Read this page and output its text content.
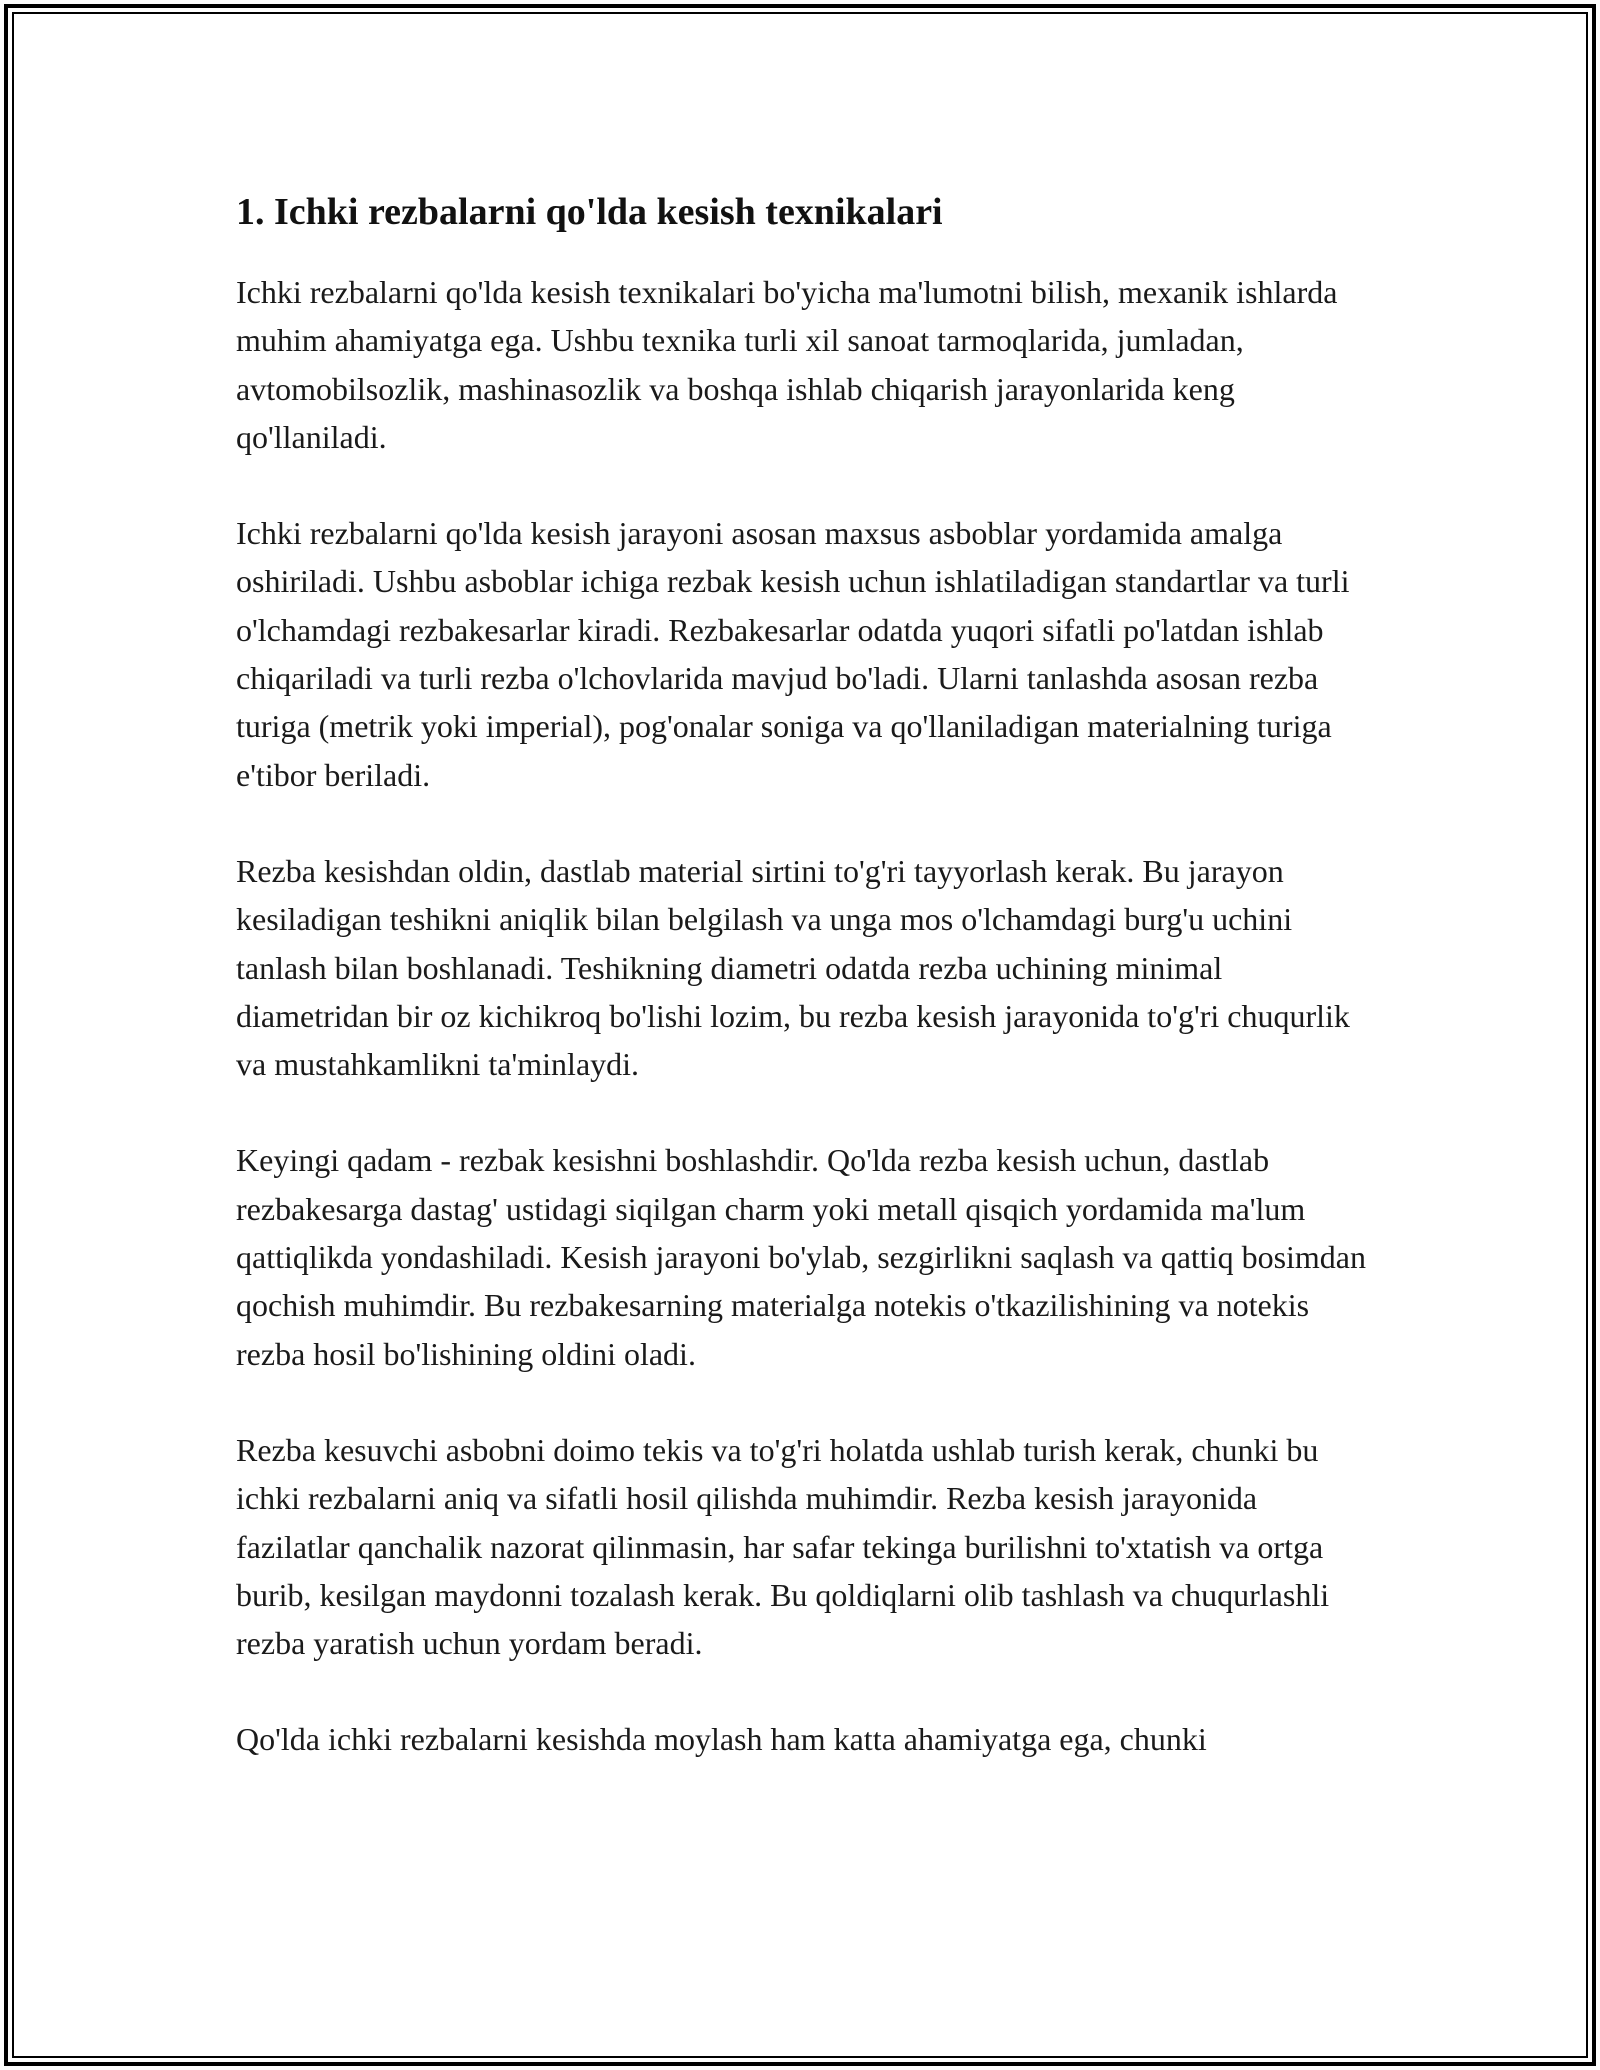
1. Ichki rezbalarni qo'lda kesish texnikalari

Ichki rezbalarni qo'lda kesish texnikalari bo'yicha ma'lumotni bilish, mexanik ishlarda muhim ahamiyatga ega. Ushbu texnika turli xil sanoat tarmoqlarida, jumladan, avtomobilsozlik, mashinasozlik va boshqa ishlab chiqarish jarayonlarida keng qo'llaniladi.

Ichki rezbalarni qo'lda kesish jarayoni asosan maxsus asboblar yordamida amalga oshiriladi. Ushbu asboblar ichiga rezbak kesish uchun ishlatiladigan standartlar va turli o'lchamdagi rezbakesarlar kiradi. Rezbakesarlar odatda yuqori sifatli po'latdan ishlab chiqariladi va turli rezba o'lchovlarida mavjud bo'ladi. Ularni tanlashda asosan rezba turiga (metrik yoki imperial), pog'onalar soniga va qo'llaniladigan materialning turiga e'tibor beriladi.

Rezba kesishdan oldin, dastlab material sirtini to'g'ri tayyorlash kerak. Bu jarayon kesiladigan teshikni aniqlik bilan belgilash va unga mos o'lchamdagi burg'u uchini tanlash bilan boshlanadi. Teshikning diametri odatda rezba uchining minimal diametridan bir oz kichikroq bo'lishi lozim, bu rezba kesish jarayonida to'g'ri chuqurlik va mustahkamlikni ta'minlaydi.

Keyingi qadam - rezbak kesishni boshlashdir. Qo'lda rezba kesish uchun, dastlab rezbakesarga dastag' ustidagi siqilgan charm yoki metall qisqich yordamida ma'lum qattiqlikda yondashiladi. Kesish jarayoni bo'ylab, sezgirlikni saqlash va qattiq bosimdan qochish muhimdir. Bu rezbakesarning materialga notekis o'tkazilishining va notekis rezba hosil bo'lishining oldini oladi.

Rezba kesuvchi asbobni doimo tekis va to'g'ri holatda ushlab turish kerak, chunki bu ichki rezbalarni aniq va sifatli hosil qilishda muhimdir. Rezba kesish jarayonida fazilatlar qanchalik nazorat qilinmasin, har safar tekinga burilishni to'xtatish va ortga burib, kesilgan maydonni tozalash kerak. Bu qoldiqlarni olib tashlash va chuqurlashli rezba yaratish uchun yordam beradi.

Qo'lda ichki rezbalarni kesishda moylash ham katta ahamiyatga ega, chunki
